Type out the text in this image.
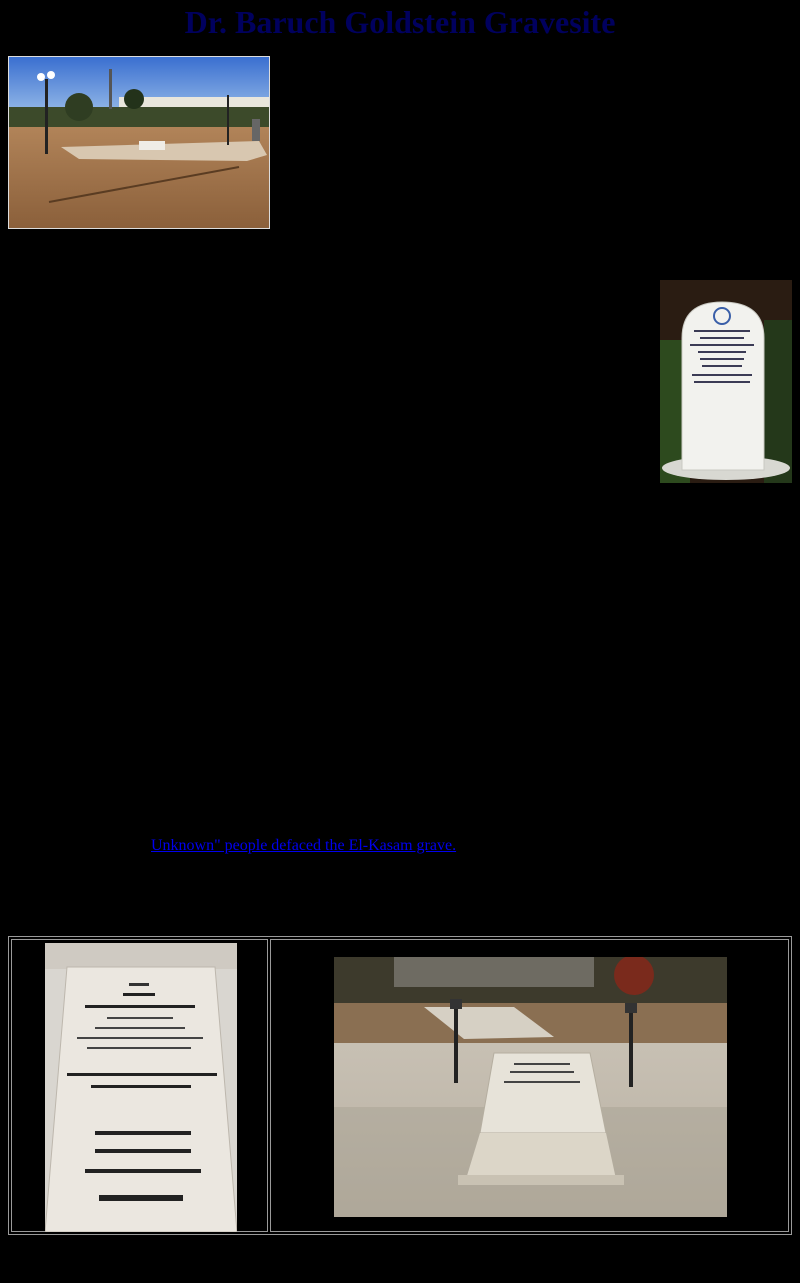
Dr. Baruch Goldstein Gravesite
Unknown" people defaced the El-Kasam grave.
